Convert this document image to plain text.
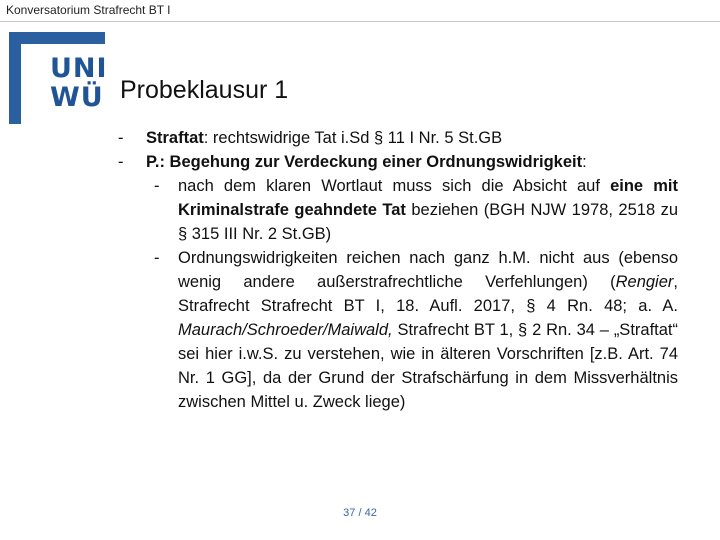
Konversatorium Strafrecht BT I
UNI
WÜ Probeklausur 1
-	Straftat: rechtswidrige Tat i.Sd § 11 I Nr. 5 St.GB
-	P.: Begehung zur Verdeckung einer Ordnungswidrigkeit:
-	nach dem klaren Wortlaut muss sich die Absicht auf eine mit Kriminalstrafe geahndete Tat beziehen (BGH NJW 1978, 2518 zu § 315 III Nr. 2 St.GB)
-	Ordnungswidrigkeiten reichen nach ganz h.M. nicht aus (ebenso wenig andere außerstrafrechtliche Verfehlungen) (Rengier, Strafrecht Strafrecht BT I, 18. Aufl. 2017, § 4 Rn. 48; a. A. Maurach/Schroeder/Maiwald, Strafrecht BT 1, § 2 Rn. 34 – „Straftat“ sei hier i.w.S. zu verstehen, wie in älteren Vorschriften [z.B. Art. 74 Nr. 1 GG], da der Grund der Strafschärfung in dem Missverhältnis zwischen Mittel u. Zweck liege)
37 / 42
